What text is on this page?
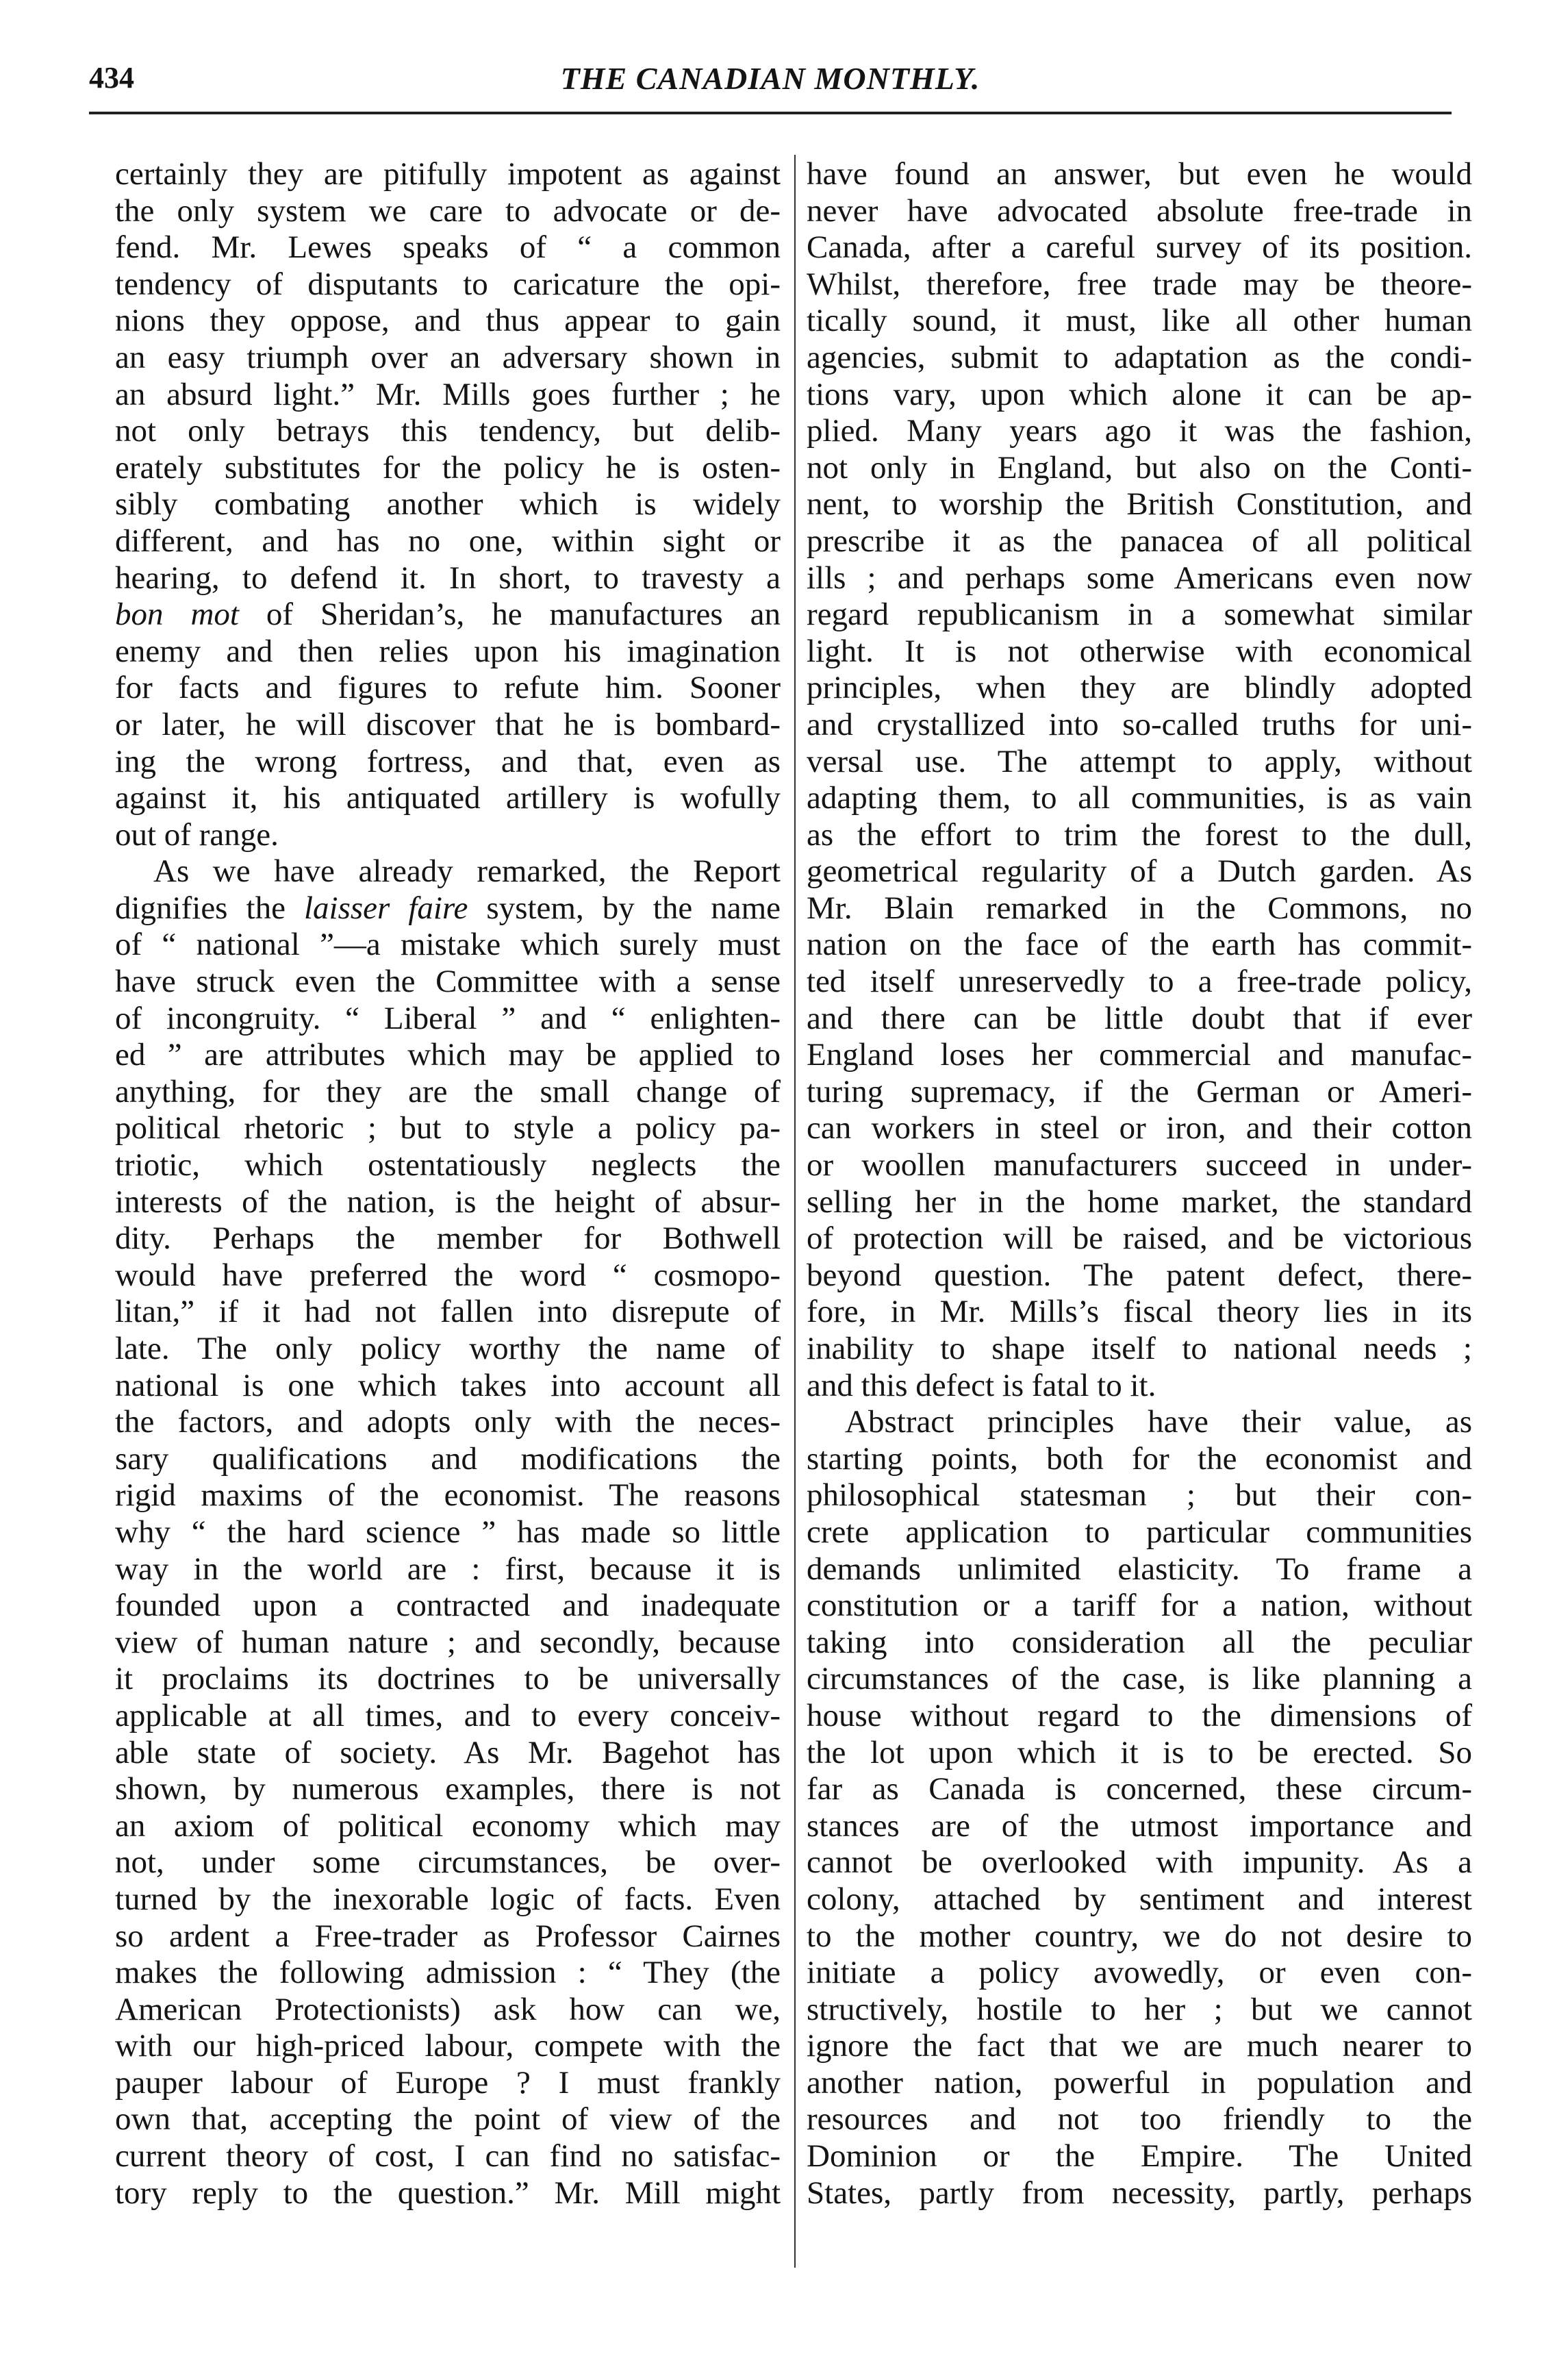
434	THE CANADIAN MONTHLY.

certainly they are pitifully impotent as against
the only system we care to advocate or de-
fend. Mr. Lewes speaks of “ a common
tendency of disputants to caricature the opi-
nions they oppose, and thus appear to gain
an easy triumph over an adversary shown in
an absurd light.” Mr. Mills goes further ; he
not only betrays this tendency, but delib-
erately substitutes for the policy he is osten-
sibly combating another which is widely
different, and has no one, within sight or
hearing, to defend it. In short, to travesty a
bon mot of Sheridan’s, he manufactures an
enemy and then relies upon his imagination
for facts and figures to refute him. Sooner
or later, he will discover that he is bombard-
ing the wrong fortress, and that, even as
against it, his antiquated artillery is wofully
out of range.

As we have already remarked, the Report
dignifies the laisser faire system, by the name
of “ national ”—a mistake which surely must
have struck even the Committee with a sense
of incongruity. “ Liberal ” and “ enlighten-
ed ” are attributes which may be applied to
anything, for they are the small change of
political rhetoric ; but to style a policy pa-
triotic, which ostentatiously neglects the
interests of the nation, is the height of absur-
dity. Perhaps the member for Bothwell
would have preferred the word “ cosmopo-
litan,” if it had not fallen into disrepute of
late. The only policy worthy the name of
national is one which takes into account all
the factors, and adopts only with the neces-
sary qualifications and modifications the
rigid maxims of the economist. The reasons
why “ the hard science ” has made so little
way in the world are : first, because it is
founded upon a contracted and inadequate
view of human nature ; and secondly, because
it proclaims its doctrines to be universally
applicable at all times, and to every conceiv-
able state of society. As Mr. Bagehot has
shown, by numerous examples, there is not
an axiom of political economy which may
not, under some circumstances, be over-
turned by the inexorable logic of facts. Even
so ardent a Free-trader as Professor Cairnes
makes the following admission : “ They (the
American Protectionists) ask how can we,
with our high-priced labour, compete with the
pauper labour of Europe ? I must frankly
own that, accepting the point of view of the
current theory of cost, I can find no satisfac-
tory reply to the question.” Mr. Mill might

have found an answer, but even he would
never have advocated absolute free-trade in
Canada, after a careful survey of its position.
Whilst, therefore, free trade may be theore-
tically sound, it must, like all other human
agencies, submit to adaptation as the condi-
tions vary, upon which alone it can be ap-
plied. Many years ago it was the fashion,
not only in England, but also on the Conti-
nent, to worship the British Constitution, and
prescribe it as the panacea of all political
ills ; and perhaps some Americans even now
regard republicanism in a somewhat similar
light. It is not otherwise with economical
principles, when they are blindly adopted
and crystallized into so-called truths for uni-
versal use. The attempt to apply, without
adapting them, to all communities, is as vain
as the effort to trim the forest to the dull,
geometrical regularity of a Dutch garden. As
Mr. Blain remarked in the Commons, no
nation on the face of the earth has commit-
ted itself unreservedly to a free-trade policy,
and there can be little doubt that if ever
England loses her commercial and manufac-
turing supremacy, if the German or Ameri-
can workers in steel or iron, and their cotton
or woollen manufacturers succeed in under-
selling her in the home market, the standard
of protection will be raised, and be victorious
beyond question. The patent defect, there-
fore, in Mr. Mills’s fiscal theory lies in its
inability to shape itself to national needs ;
and this defect is fatal to it.

Abstract principles have their value, as
starting points, both for the economist and
philosophical statesman ; but their con-
crete application to particular communities
demands unlimited elasticity. To frame a
constitution or a tariff for a nation, without
taking into consideration all the peculiar
circumstances of the case, is like planning a
house without regard to the dimensions of
the lot upon which it is to be erected. So
far as Canada is concerned, these circum-
stances are of the utmost importance and
cannot be overlooked with impunity. As a
colony, attached by sentiment and interest
to the mother country, we do not desire to
initiate a policy avowedly, or even con-
structively, hostile to her ; but we cannot
ignore the fact that we are much nearer to
another nation, powerful in population and
resources and not too friendly to the
Dominion or the Empire. The United
States, partly from necessity, partly, perhaps
